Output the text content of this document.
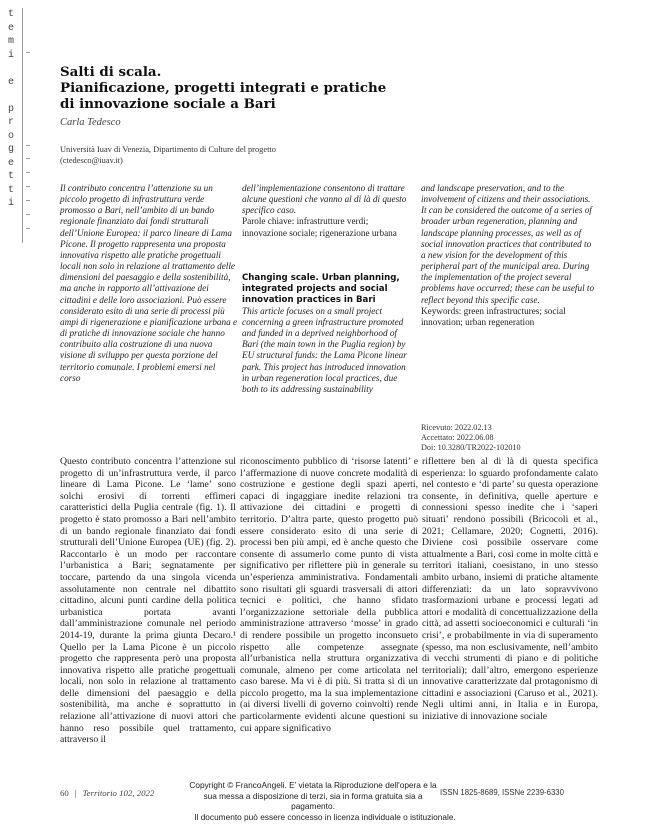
t
e
m
i

e

p
r
o
g
e
t
t
i
Salti di scala.
Pianificazione, progetti integrati e pratiche
di innovazione sociale a Bari
Carla Tedesco
Università Iuav di Venezia, Dipartimento di Culture del progetto
(ctedesco@iuav.it)
Il contributo concentra l’attenzione su un piccolo progetto di infrastruttura verde promosso a Bari, nell’ambito di un bando regionale finanziato dai fondi strutturali dell’Unione Europea: il parco lineare di Lama Picone. Il progetto rappresenta una proposta innovativa rispetto alle pratiche progettuali locali non solo in relazione al trattamento delle dimensioni del paesaggio e della sostenibilità, ma anche in rapporto all’attivazione dei cittadini e delle loro associazioni. Può essere considerato esito di una serie di processi più ampi di rigenerazione e pianificazione urbana e di pratiche di innovazione sociale che hanno contribuito alla costruzione di una nuova visione di sviluppo per questa porzione del territorio comunale. I problemi emersi nel corso
dell’implementazione consentono di trattare alcune questioni che vanno al di là di questo specifico caso.
Parole chiave: infrastrutture verdi; innovazione sociale; rigenerazione urbana
Changing scale. Urban planning, integrated projects and social innovation practices in Bari
This article focuses on a small project concerning a green infrastructure promoted and funded in a deprived neighborhood of Bari (the main town in the Puglia region) by EU structural funds: the Lama Picone linear park. This project has introduced innovation in urban regeneration local practices, due both to its addressing sustainability
and landscape preservation, and to the involvement of citizens and their associations. It can be considered the outcome of a series of broader urban regeneration, planning and landscape planning processes, as well as of social innovation practices that contributed to a new vision for the development of this peripheral part of the municipal area. During the implementation of the project several problems have occurred; these can be useful to reflect beyond this specific case.
Keywords: green infrastructures; social innovation; urban regeneration
Ricevuto: 2022.02.13
Accettato: 2022.06.08
Doi: 10.3280/TR2022-102010
Questo contributo concentra l’attenzione sul progetto di un’infrastruttura verde, il parco lineare di Lama Picone. Le ‘lame’ sono solchi erosivi di torrenti effimeri caratteristici della Puglia centrale (fig. 1). Il progetto è stato promosso a Bari nell’ambito di un bando regionale finanziato dai fondi strutturali dell’Unione Europea (UE) (fig. 2). Raccontarlo è un modo per raccontare l’urbanistica a Bari; segnatamente per toccare, partendo da una singola vicenda assolutamente non centrale nel dibattito cittadino, alcuni punti cardine della politica urbanistica portata avanti dall’amministrazione comunale nel periodo 2014-19, durante la prima giunta Decaro.¹ Quello per la Lama Picone è un piccolo progetto che rappresenta però una proposta innovativa rispetto alle pratiche progettuali locali, non solo in relazione al trattamento delle dimensioni del paesaggio e della sostenibilità, ma anche e soprattutto in relazione all’attivazione di nuovi attori che hanno reso possibile quel trattamento, attraverso il
riconoscimento pubblico di ‘risorse latenti’ e l’affermazione di nuove concrete modalità di costruzione e gestione degli spazi aperti, capaci di ingaggiare inedite relazioni tra attivazione dei cittadini e progetti di territorio. D’altra parte, questo progetto può essere considerato esito di una serie di processi ben più ampi, ed è anche questo che consente di assumerlo come punto di vista significativo per riflettere più in generale su un’esperienza amministrativa. Fondamentali sono risultati gli sguardi trasversali di attori tecnici e politici, che hanno sfidato l’organizzazione settoriale della pubblica amministrazione attraverso ‘mosse’ in grado di rendere possibile un progetto inconsueto rispetto alle competenze assegnate all’urbanistica nella struttura organizzativa comunale, almeno per come articolata nel caso barese. Ma vi è di più. Si tratta sì di un piccolo progetto, ma la sua implementazione (ai diversi livelli di governo coinvolti) rende particolarmente evidenti alcune questioni su cui appare significativo
riflettere ben al di là di questa specifica esperienza: lo sguardo profondamente calato nel contesto e ‘di parte’ su questa operazione consente, in definitiva, quelle aperture e connessioni spesso inedite che i ‘saperi situati’ rendono possibili (Bricocoli et al., 2021; Cellamare, 2020; Cognetti, 2016). Diviene così possibile osservare come attualmente a Bari, così come in molte città e territori italiani, coesistano, in uno stesso ambito urbano, insiemi di pratiche altamente differenziati: da un lato sopravvivono trasformazioni urbane e processi legati ad attori e modalità di concettualizzazione della città, ad assetti socioeconomici e culturali ‘in crisi’, e probabilmente in via di superamento (spesso, ma non esclusivamente, nell’ambito di vecchi strumenti di piano e di politiche territoriali); dall’altro, emergono esperienze innovative caratterizzate dal protagonismo di cittadini e associazioni (Caruso et al., 2021). Negli ultimi anni, in Italia e in Europa, iniziative di innovazione sociale
60 | Territorio 102, 2022
Copyright © FrancoAngeli. E’ vietata la Riproduzione dell'opera e la sua messa a disposizione di terzi, sia in forma gratuita sia a pagamento.
ISSN 1825-8689, ISSNe 2239-6330
Il documento può essere concesso in licenza individuale o istituzionale.
